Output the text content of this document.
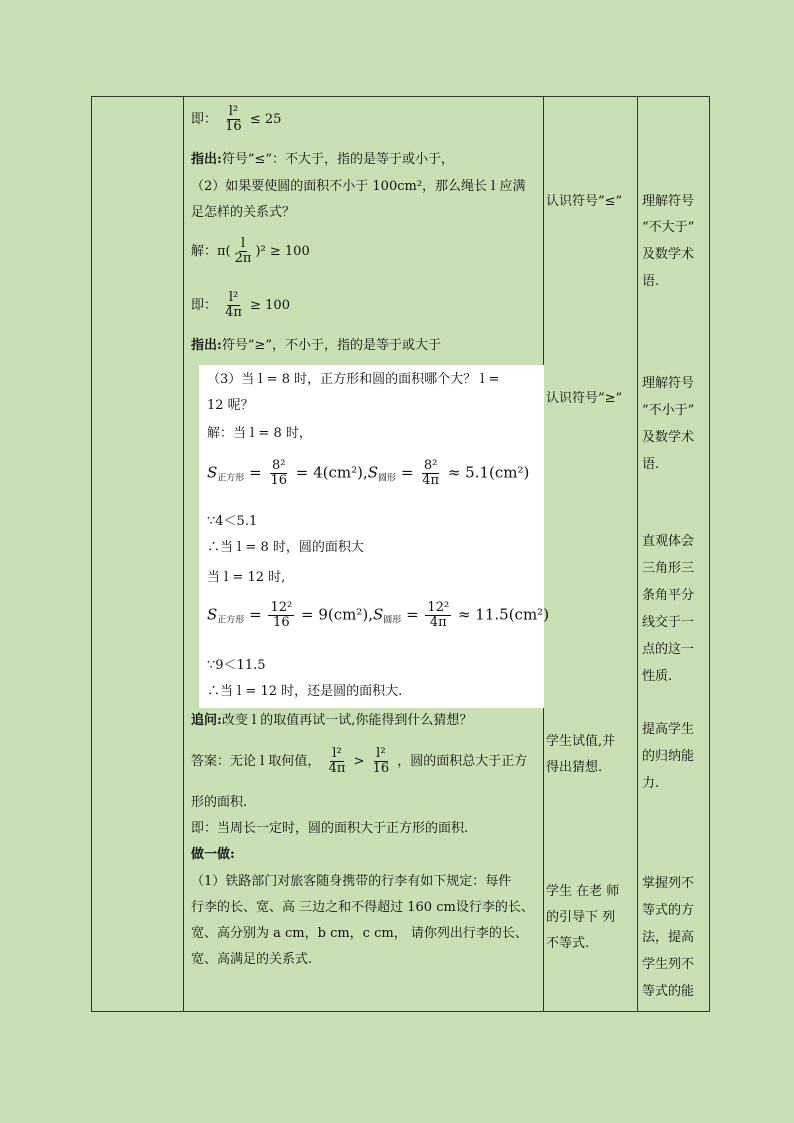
即： $\frac{\text{l²}}{16} \le 25$
指出:符号”≤”：不大于，指的是等于或小于，
（2）如果要使圆的面积不小于 100cm²，那么绳长 l 应满
足怎样的关系式？
解：$\pi( \frac{l}{2\pi} )^2 \ge 100$
即： $\frac{\text{l²}}{4\pi} \ge 100$
指出:符号”≥”，不小于，指的是等于或大于
（3）当 l = 8 时，正方形和圆的面积哪个大？ l =
12 呢？
解：当 l = 8 时，
$S_{正方形} = \frac{\text{8²}}{16} = 4(cm^2),S_{圆形} = \frac{\text{8²}}{4\pi} \approx 5.1(cm^2)$
∵4＜5.1
∴当 l = 8 时，圆的面积大
当 l = 12 时,
$S_{正方形} = \frac{\text{12²}}{16} = 9(cm^2),S_{圆形} = \frac{\text{12²}}{4\pi} \approx 11.5(cm^2)$
∵9＜11.5
∴当 l = 12 时，还是圆的面积大.
追问:改变 l 的取值再试一试,你能得到什么猜想？
答案：无论 l 取何值， $\frac{\text{l²}}{4\pi} > \frac{\text{l²}}{16}$ ，圆的面积总大于正方
形的面积.
即：当周长一定时，圆的面积大于正方形的面积.
做一做:
（1）铁路部门对旅客随身携带的行李有如下规定：每件
行李的长、宽、高 三边之和不得超过 160 cm设行李的长、
宽、高分别为 a cm，b cm，c cm， 请你列出行李的长、
宽、高满足的关系式.
认识符号”≤”
认识符号”≥”
学生试值,并
得出猜想.
学生 在老 师
的引导下 列
不等式.
理解符号
“不大于”
及数学术
语.
理解符号
“不小于”
及数学术
语.
直观体会
三角形三
条角平分
线交于一
点的这一
性质.
提高学生
的归纳能
力.
掌握列不
等式的方
法，提高
学生列不
等式的能
